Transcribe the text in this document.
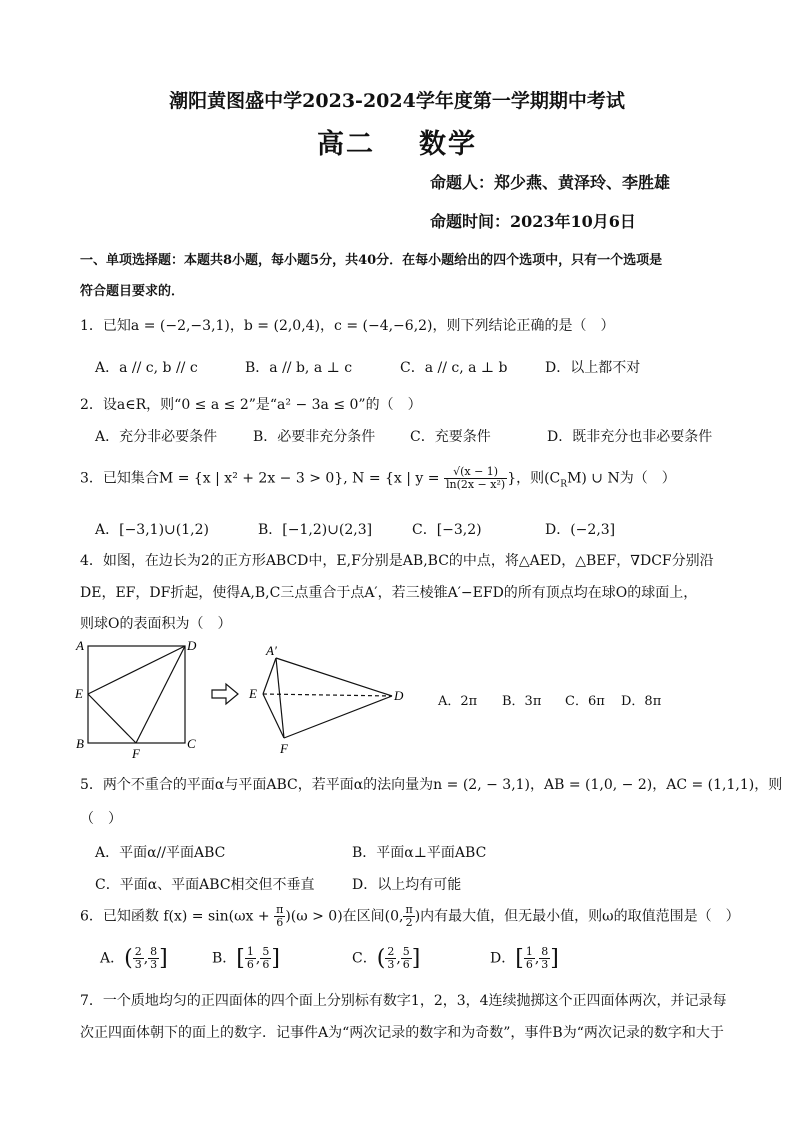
潮阳黄图盛中学2023-2024学年度第一学期期中考试
高二 数学
命题人：郑少燕、黄泽玲、李胜雄
命题时间：2023年10月6日
一、单项选择题：本题共8小题，每小题5分，共40分．在每小题给出的四个选项中，只有一个选项是
符合题目要求的．
1．已知a = (−2,−3,1)，b = (2,0,4)，c = (−4,−6,2)，则下列结论正确的是（　）
A．a // c, b // c	B．a // b, a ⊥ c	C．a // c, a ⊥ b	D．以上都不对
2．设a∈R，则“0 ≤ a ≤ 2”是“a² − 3a ≤ 0”的（　）
A．充分非必要条件	B．必要非充分条件 C．充要条件	D．既非充分也非必要条件
3．已知集合M = {x | x² + 2x − 3 > 0}, N = {x | $y = \frac{√(x - 1)}{\text{ln(2x − x²)}}$ }，则$(C_RM)$ ∪ N为（　）
A．[−3,1)∪(1,2)	B．[−1,2)∪(2,3]	C．[−3,2)	D．(−2,3]
4．如图，在边长为2的正方形ABCD中，E,F分别是AB,BC的中点，将△AED，△BEF，∇DCF分别沿
DE，EF，DF折起，使得A,B,C三点重合于点A′，若三棱锥A′−EFD的所有顶点均在球O的球面上，
则球O的表面积为（　）
A	D
E
B	C
F
A′
E	D
F
A．2π B．3π C．6π D．8π
5．两个不重合的平面α与平面ABC，若平面α的法向量为n = (2, − 3,1)，AB = (1,0, − 2)，AC = (1,1,1)，则
（　）
A．平面α//平面ABC	B．平面α⊥平面ABC
C．平面α、平面ABC相交但不垂直	D．以上均有可能
6．已知函数 $f(x) = \sin(\omega x + \frac{\pi}{6} )(\omega > 0)$在区间(0, $\frac{\pi}{2}$ )内有最大值，但无最小值，则ω的取值范围是（　）
A．( $\frac{2}{3}$ , $\frac{8}{3}$ ]	B．[ $\frac{1}{6}$ , $\frac{5}{6}$ ]	C．( $\frac{2}{3}$ , $\frac{5}{6}$ ]	D．[ $\frac{1}{6}$ , $\frac{8}{3}$ ]
7．一个质地均匀的正四面体的四个面上分别标有数字1，2，3，4连续抛掷这个正四面体两次，并记录每
次正四面体朝下的面上的数字．记事件A为“两次记录的数字和为奇数”，事件B为“两次记录的数字和大于
